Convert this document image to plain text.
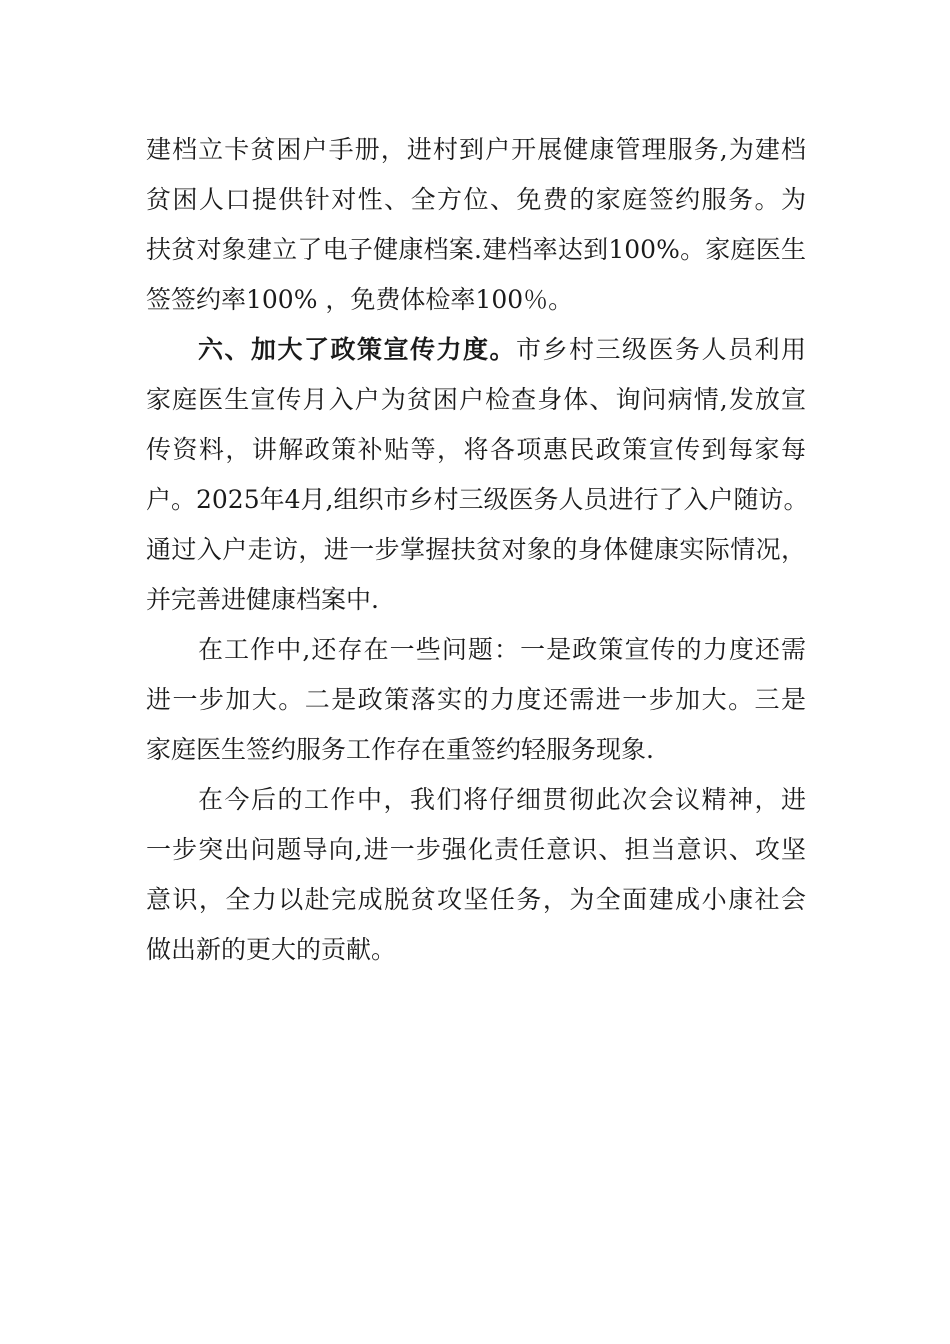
建档立卡贫困户手册，进村到户开展健康管理服务,为建档
贫困人口提供针对性、全方位、免费的家庭签约服务。为
扶贫对象建立了电子健康档案.建档率达到100%。家庭医生
签签约率100% ，免费体检率100％。
六、加大了政策宣传力度。市乡村三级医务人员利用
家庭医生宣传月入户为贫困户检查身体、询问病情,发放宣
传资料，讲解政策补贴等，将各项惠民政策宣传到每家每
户。2025年4月,组织市乡村三级医务人员进行了入户随访。
通过入户走访，进一步掌握扶贫对象的身体健康实际情况，
并完善进健康档案中.
在工作中,还存在一些问题：一是政策宣传的力度还需
进一步加大。二是政策落实的力度还需进一步加大。三是
家庭医生签约服务工作存在重签约轻服务现象.
在今后的工作中，我们将仔细贯彻此次会议精神，进
一步突出问题导向,进一步强化责任意识、担当意识、攻坚
意识，全力以赴完成脱贫攻坚任务，为全面建成小康社会
做出新的更大的贡献。
